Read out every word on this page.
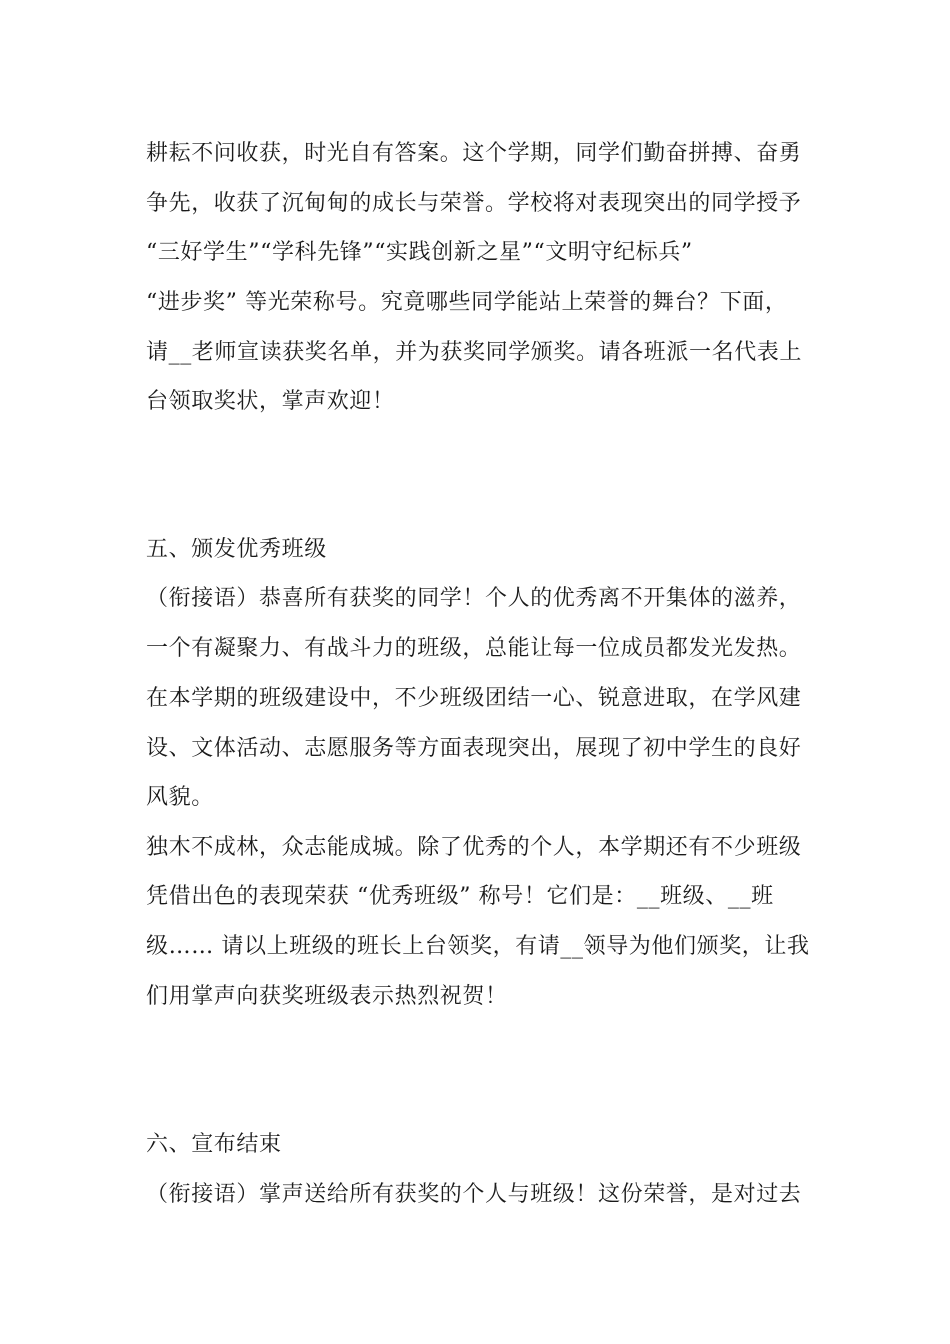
耕耘不问收获，时光自有答案。这个学期，同学们勤奋拼搏、奋勇

争先，收获了沉甸甸的成长与荣誉。学校将对表现突出的同学授予

“三好学生”“学科先锋”“实践创新之星”“文明守纪标兵”

“进步奖” 等光荣称号。究竟哪些同学能站上荣誉的舞台？下面，

请__老师宣读获奖名单，并为获奖同学颁奖。请各班派一名代表上

台领取奖状，掌声欢迎！

五、颁发优秀班级

（衔接语）恭喜所有获奖的同学！个人的优秀离不开集体的滋养，

一个有凝聚力、有战斗力的班级，总能让每一位成员都发光发热。

在本学期的班级建设中，不少班级团结一心、锐意进取，在学风建

设、文体活动、志愿服务等方面表现突出，展现了初中学生的良好

风貌。

独木不成林，众志能成城。除了优秀的个人，本学期还有不少班级

凭借出色的表现荣获 “优秀班级” 称号！它们是：__班级、__班

级…… 请以上班级的班长上台领奖，有请__领导为他们颁奖，让我

们用掌声向获奖班级表示热烈祝贺！

六、宣布结束

（衔接语）掌声送给所有获奖的个人与班级！这份荣誉，是对过去
